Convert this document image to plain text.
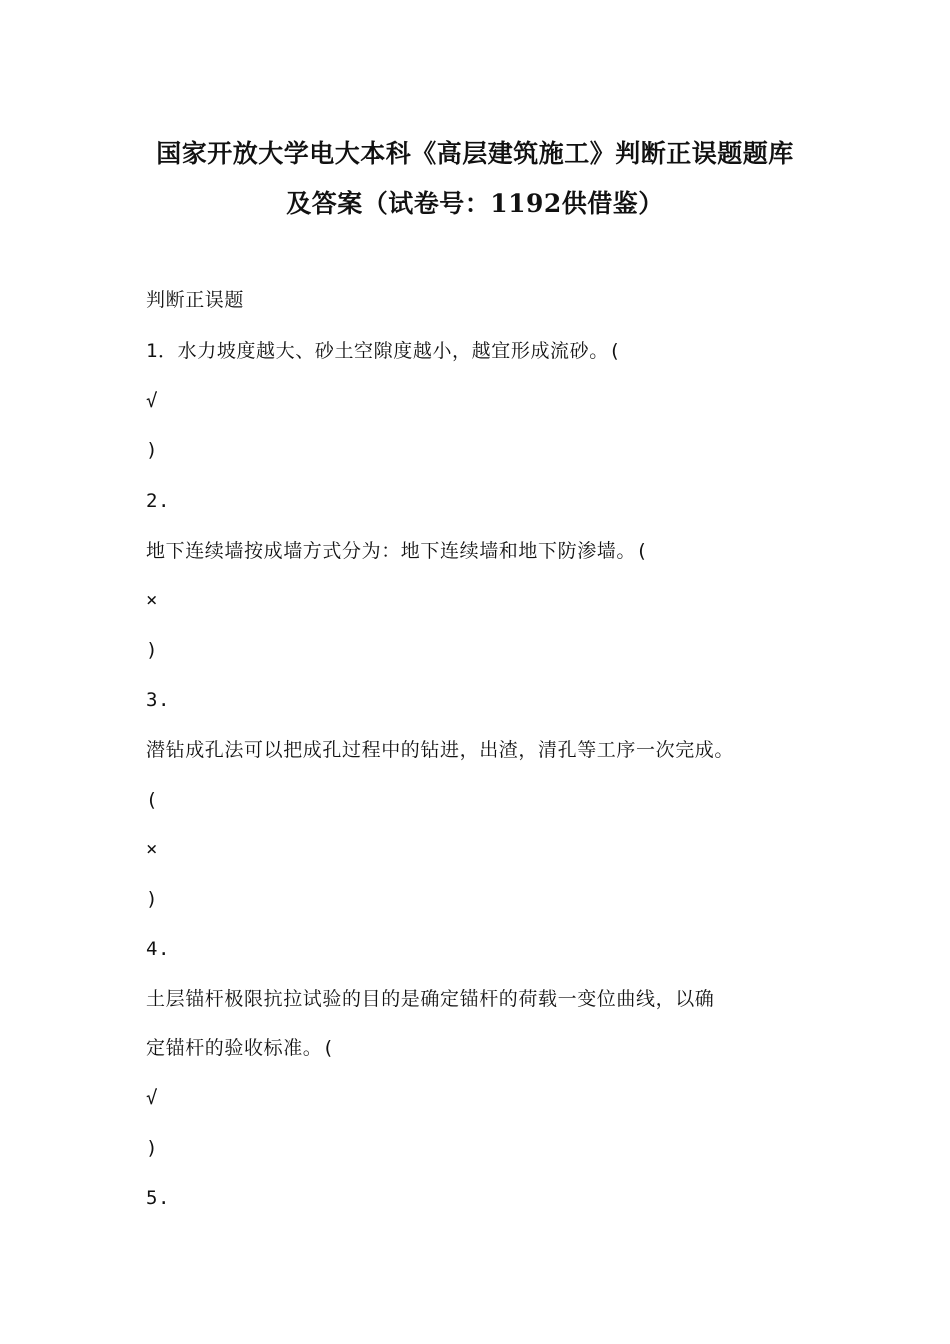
国家开放大学电大本科《高层建筑施工》判断正误题题库
及答案（试卷号：1192供借鉴）
判断正误题
1．水力坡度越大、砂土空隙度越小，越宜形成流砂。(
√
)
2.
地下连续墙按成墙方式分为：地下连续墙和地下防渗墙。(
×
)
3.
潜钻成孔法可以把成孔过程中的钻进，出渣，清孔等工序一次完成。
(
×
)
4.
土层锚杆极限抗拉试验的目的是确定锚杆的荷载一变位曲线，以确
定锚杆的验收标准。(
√
)
5.
